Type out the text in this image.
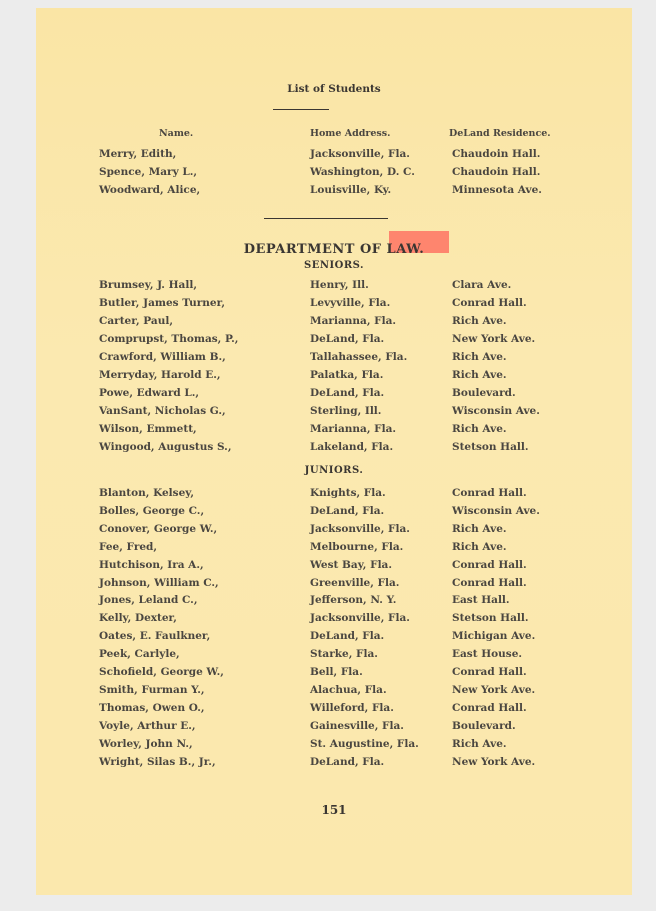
List of Students
Name.	Home Address.	DeLand Residence.
Merry, Edith,	Jacksonville, Fla.	Chaudoin Hall.
Spence, Mary L.,	Washington, D. C.	Chaudoin Hall.
Woodward, Alice,	Louisville, Ky.	Minnesota Ave.
DEPARTMENT OF LAW.
SENIORS.
Brumsey, J. Hall,	Henry, Ill.	Clara Ave.
Butler, James Turner,	Levyville, Fla.	Conrad Hall.
Carter, Paul,	Marianna, Fla.	Rich Ave.
Comprupst, Thomas, P.,	DeLand, Fla.	New York Ave.
Crawford, William B.,	Tallahassee, Fla.	Rich Ave.
Merryday, Harold E.,	Palatka, Fla.	Rich Ave.
Powe, Edward L.,	DeLand, Fla.	Boulevard.
VanSant, Nicholas G.,	Sterling, Ill.	Wisconsin Ave.
Wilson, Emmett,	Marianna, Fla.	Rich Ave.
Wingood, Augustus S.,	Lakeland, Fla.	Stetson Hall.
JUNIORS.
Blanton, Kelsey,	Knights, Fla.	Conrad Hall.
Bolles, George C.,	DeLand, Fla.	Wisconsin Ave.
Conover, George W.,	Jacksonville, Fla.	Rich Ave.
Fee, Fred,	Melbourne, Fla.	Rich Ave.
Hutchison, Ira A.,	West Bay, Fla.	Conrad Hall.
Johnson, William C.,	Greenville, Fla.	Conrad Hall.
Jones, Leland C.,	Jefferson, N. Y.	East Hall.
Kelly, Dexter,	Jacksonville, Fla.	Stetson Hall.
Oates, E. Faulkner,	DeLand, Fla.	Michigan Ave.
Peek, Carlyle,	Starke, Fla.	East House.
Schofield, George W.,	Bell, Fla.	Conrad Hall.
Smith, Furman Y.,	Alachua, Fla.	New York Ave.
Thomas, Owen O.,	Willeford, Fla.	Conrad Hall.
Voyle, Arthur E.,	Gainesville, Fla.	Boulevard.
Worley, John N.,	St. Augustine, Fla.	Rich Ave.
Wright, Silas B., Jr.,	DeLand, Fla.	New York Ave.
151
